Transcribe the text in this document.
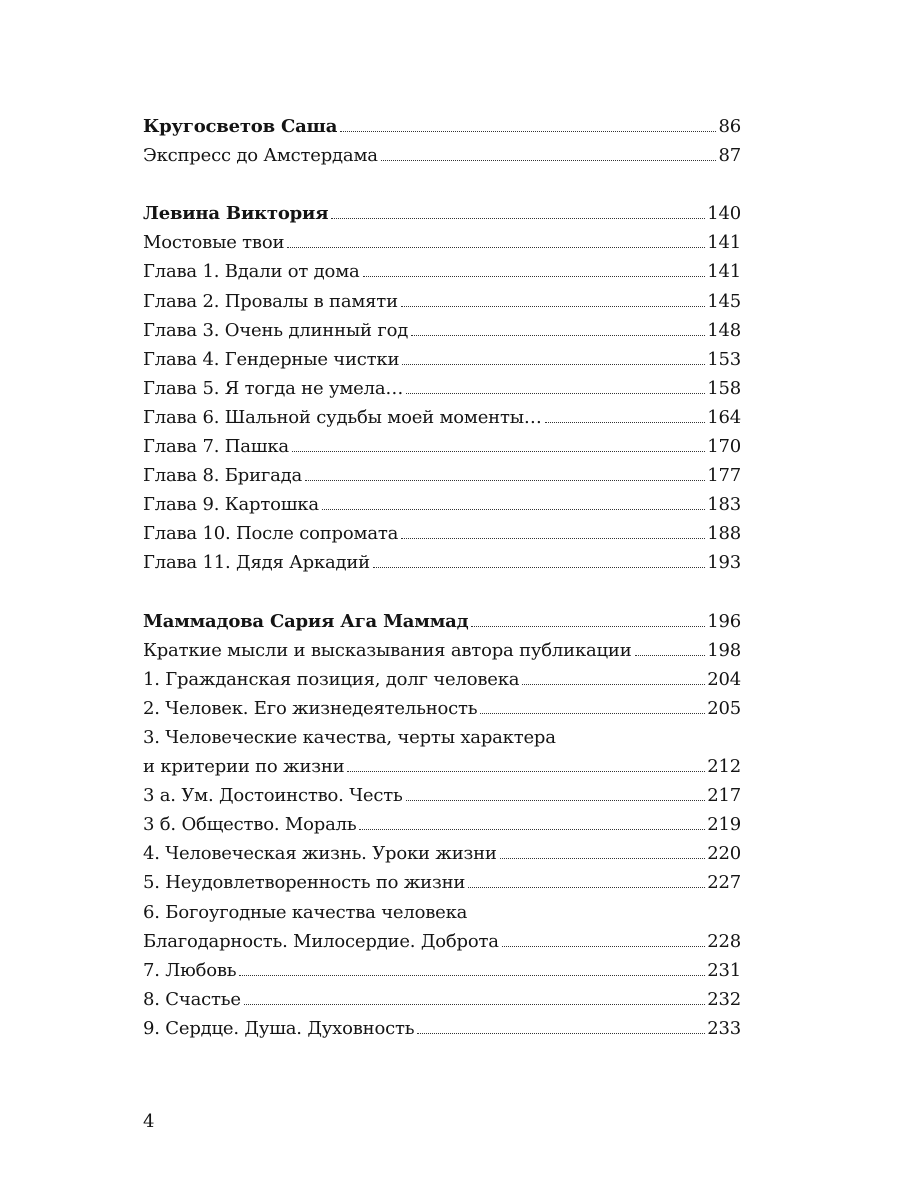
Кругосветов Саша	86
Экспресс до Амстердама	87
Левина Виктория	140
Мостовые твои	141
Глава 1. Вдали от дома	141
Глава 2. Провалы в памяти	145
Глава 3. Очень длинный год	148
Глава 4. Гендерные чистки	153
Глава 5. Я тогда не умела…	158
Глава 6. Шальной судьбы моей моменты…	164
Глава 7. Пашка	170
Глава 8. Бригада	177
Глава 9. Картошка	183
Глава 10. После сопромата	188
Глава 11. Дядя Аркадий	193
Маммадова Сария Ага Маммад	196
Краткие мысли и высказывания автора публикации	198
1. Гражданская позиция, долг человека	204
2. Человек. Его жизнедеятельность	205
3. Человеческие качества, черты характера
и критерии по жизни	212
3 а. Ум. Достоинство. Честь	217
3 б. Общество. Мораль	219
4. Человеческая жизнь. Уроки жизни	220
5. Неудовлетворенность по жизни	227
6. Богоугодные качества человека
Благодарность. Милосердие. Доброта	228
7. Любовь	231
8. Счастье	232
9. Сердце. Душа. Духовность	233
4
